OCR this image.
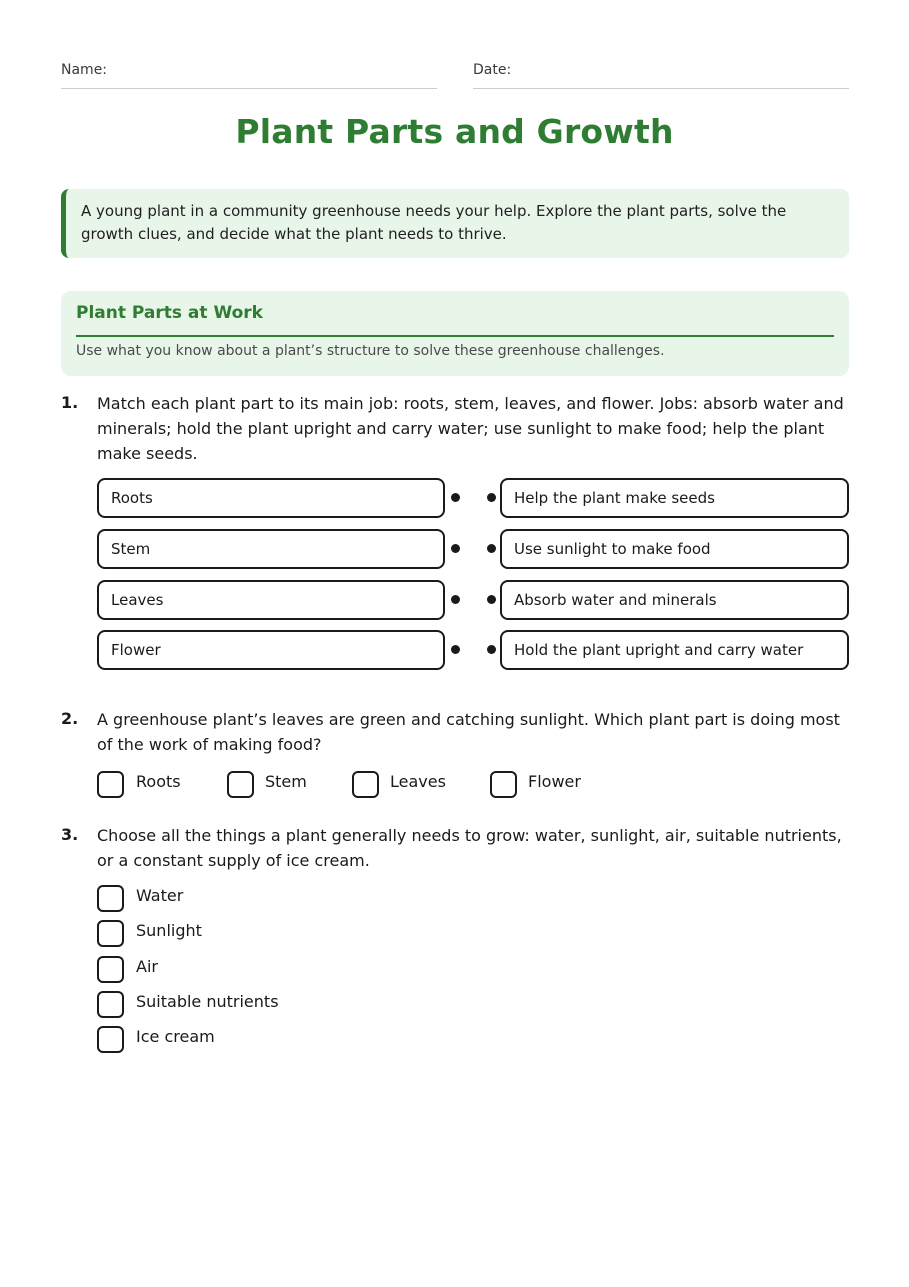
Name:	Date:
Plant Parts and Growth
A young plant in a community greenhouse needs your help. Explore the plant parts, solve the growth clues, and decide what the plant needs to thrive.
Plant Parts at Work
Use what you know about a plant’s structure to solve these greenhouse challenges.
1. Match each plant part to its main job: roots, stem, leaves, and flower. Jobs: absorb water and minerals; hold the plant upright and carry water; use sunlight to make food; help the plant make seeds.
Roots	Help the plant make seeds
Stem	Use sunlight to make food
Leaves	Absorb water and minerals
Flower	Hold the plant upright and carry water
2. A greenhouse plant’s leaves are green and catching sunlight. Which plant part is doing most of the work of making food?
Roots	Stem	Leaves	Flower
3. Choose all the things a plant generally needs to grow: water, sunlight, air, suitable nutrients, or a constant supply of ice cream.
Water
Sunlight
Air
Suitable nutrients
Ice cream
